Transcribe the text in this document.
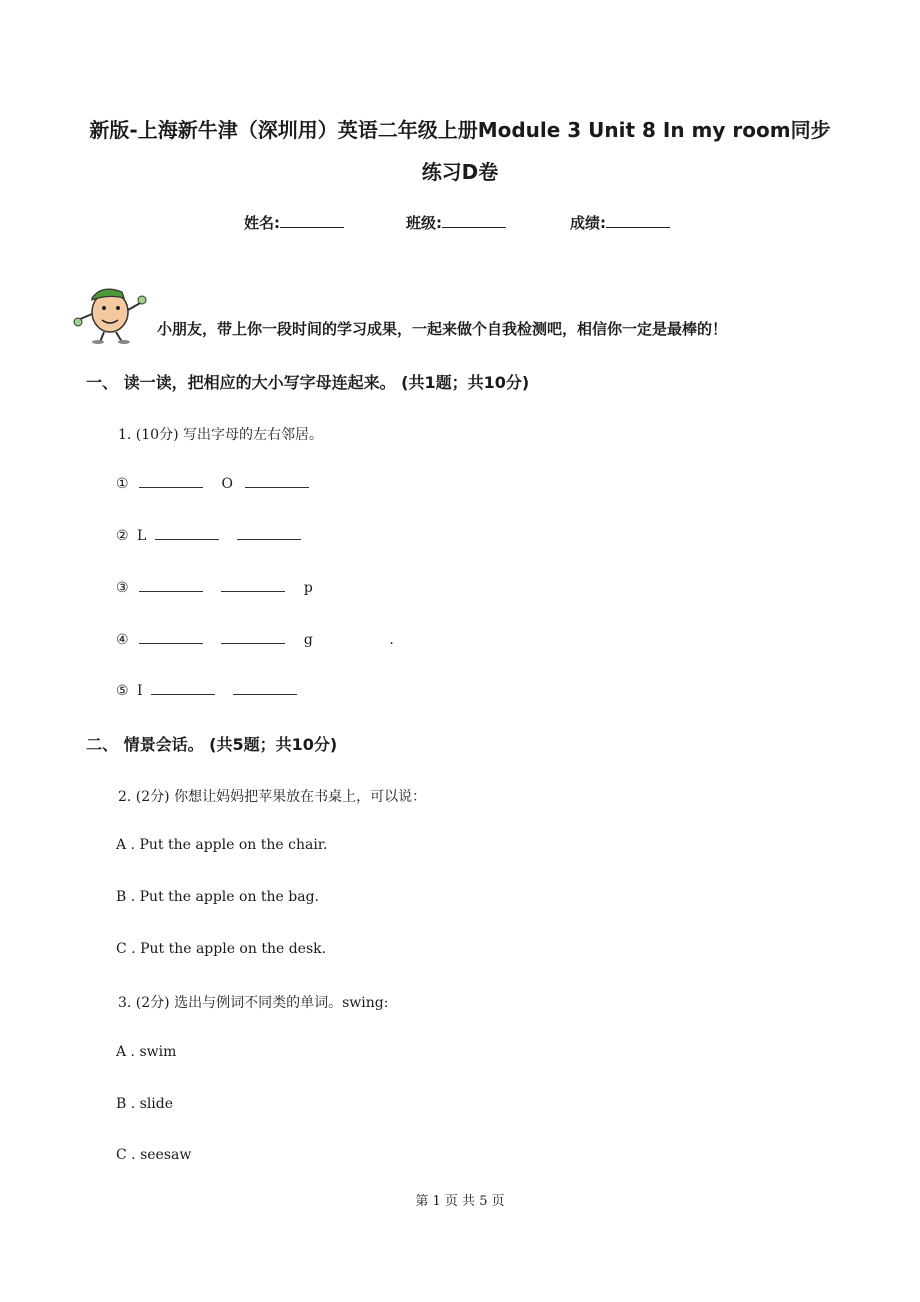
新版-上海新牛津（深圳用）英语二年级上册Module 3 Unit 8 In my room同步
练习D卷
姓名:	班级:	成绩:
小朋友，带上你一段时间的学习成果，一起来做个自我检测吧，相信你一定是最棒的！
一、 读一读，把相应的大小写字母连起来。 (共1题；共10分)
1. (10分) 写出字母的左右邻居。
①	O
② L
③	p
④	g	.
⑤ I
二、 情景会话。 (共5题；共10分)
2. (2分) 你想让妈妈把苹果放在书桌上，可以说：
A . Put the apple on the chair.
B . Put the apple on the bag.
C . Put the apple on the desk.
3. (2分) 选出与例词不同类的单词。swing:
A . swim
B . slide
C . seesaw
第 1 页 共 5 页
